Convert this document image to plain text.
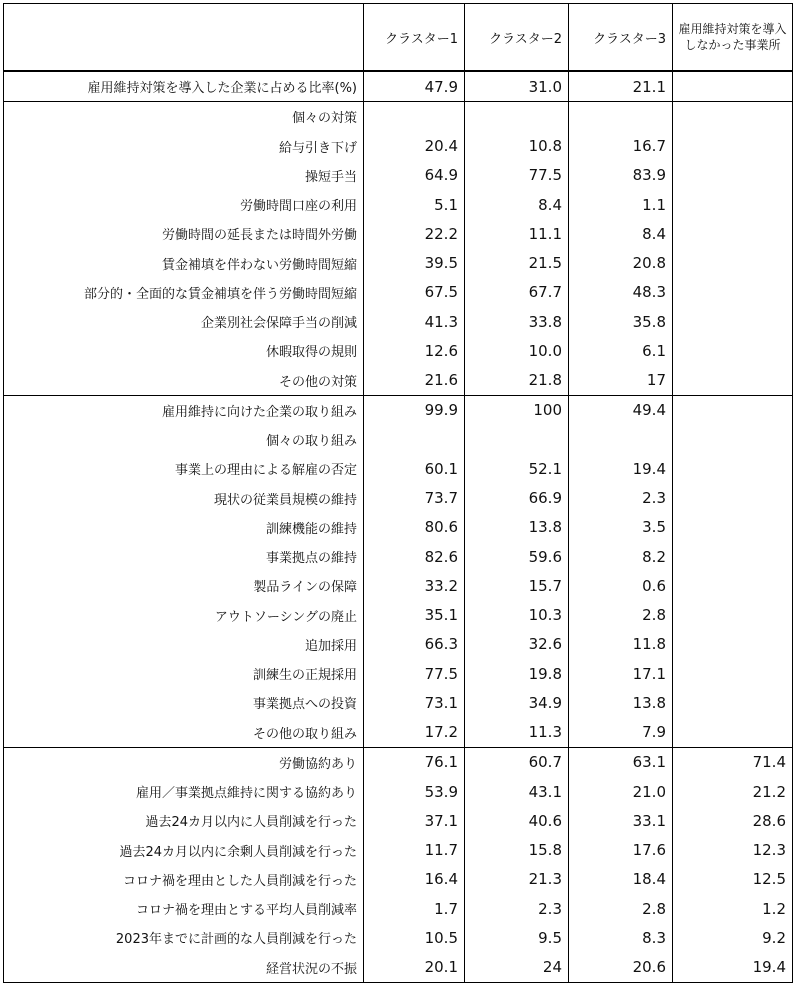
	クラスター1	クラスター2	クラスター3	雇用維持対策を導入しなかった事業所
雇用維持対策を導入した企業に占める比率(%)	47.9	31.0	21.1	
個々の対策				
給与引き下げ	20.4	10.8	16.7	
操短手当	64.9	77.5	83.9	
労働時間口座の利用	5.1	8.4	1.1	
労働時間の延長または時間外労働	22.2	11.1	8.4	
賃金補填を伴わない労働時間短縮	39.5	21.5	20.8	
部分的・全面的な賃金補填を伴う労働時間短縮	67.5	67.7	48.3	
企業別社会保障手当の削減	41.3	33.8	35.8	
休暇取得の規則	12.6	10.0	6.1	
その他の対策	21.6	21.8	17	
雇用維持に向けた企業の取り組み	99.9	100	49.4	
個々の取り組み				
事業上の理由による解雇の否定	60.1	52.1	19.4	
現状の従業員規模の維持	73.7	66.9	2.3	
訓練機能の維持	80.6	13.8	3.5	
事業拠点の維持	82.6	59.6	8.2	
製品ラインの保障	33.2	15.7	0.6	
アウトソーシングの廃止	35.1	10.3	2.8	
追加採用	66.3	32.6	11.8	
訓練生の正規採用	77.5	19.8	17.1	
事業拠点への投資	73.1	34.9	13.8	
その他の取り組み	17.2	11.3	7.9	
労働協約あり	76.1	60.7	63.1	71.4
雇用／事業拠点維持に関する協約あり	53.9	43.1	21.0	21.2
過去24カ月以内に人員削減を行った	37.1	40.6	33.1	28.6
過去24カ月以内に余剰人員削減を行った	11.7	15.8	17.6	12.3
コロナ禍を理由とした人員削減を行った	16.4	21.3	18.4	12.5
コロナ禍を理由とする平均人員削減率	1.7	2.3	2.8	1.2
2023年までに計画的な人員削減を行った	10.5	9.5	8.3	9.2
経営状況の不振	20.1	24	20.6	19.4
